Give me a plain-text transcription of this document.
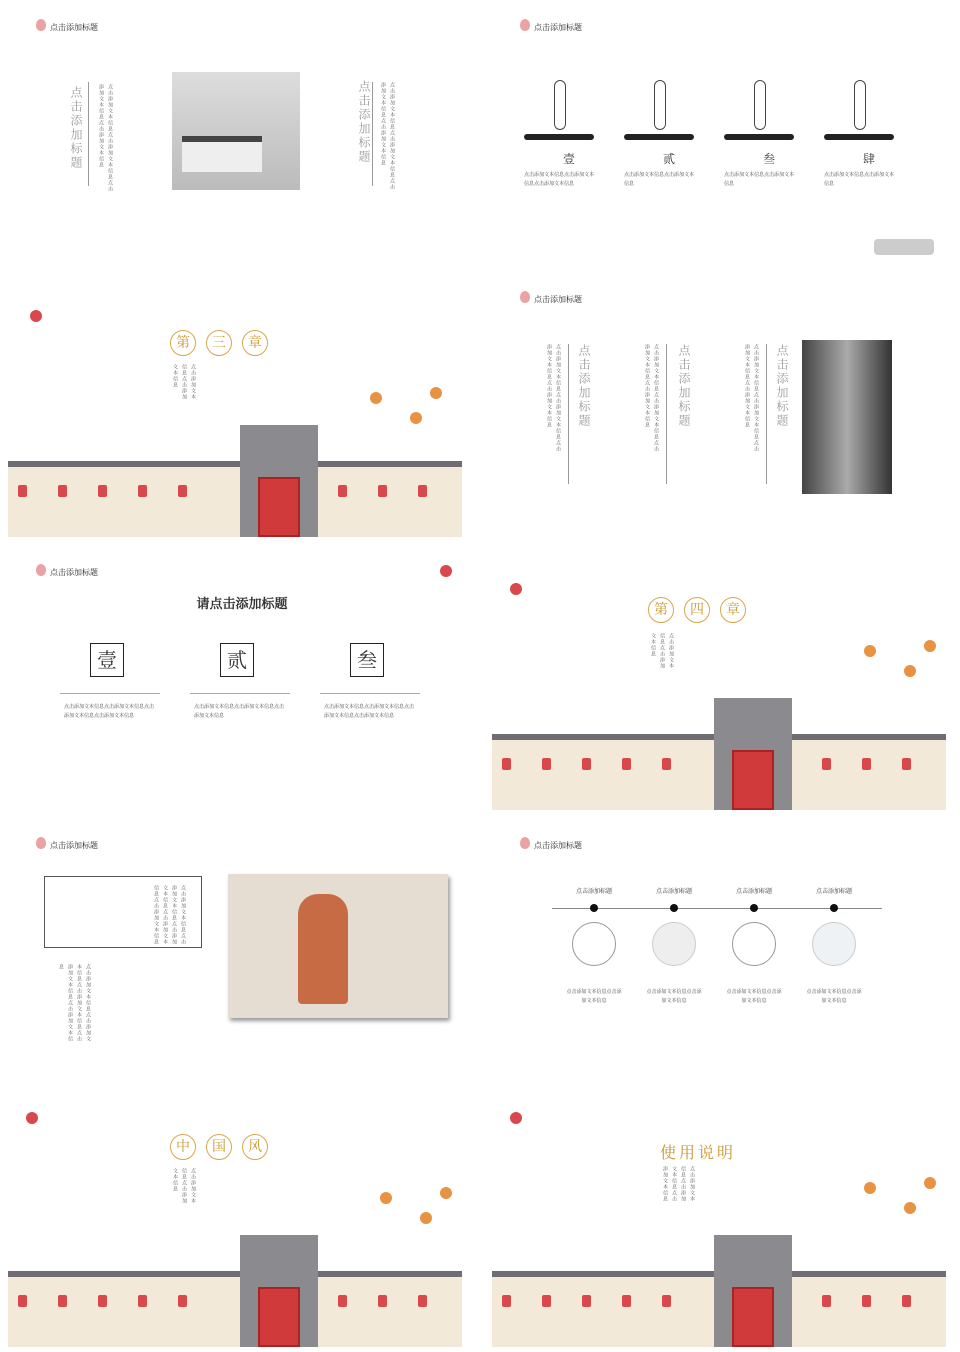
点击添加标题
点击添加标题	点击添加文本信息点击添加文本信息点击添加文本信息点击添加文本信息	点击添加标题	点击添加文本信息点击添加文本信息点击添加文本信息点击添加文本信息
点击添加标题
壹
点击添加文本信息点击添加文本信息点击添加文本信息
贰
点击添加文本信息点击添加文本信息
叁
点击添加文本信息点击添加文本信息
肆
点击添加文本信息点击添加文本信息
第 三 章
点击添加文本信息点击添加文本信息
点击添加标题
点击添加文本信息点击添加文本信息点击添加文本信息点击添加文本信息	点击添加标题	点击添加文本信息点击添加文本信息点击添加文本信息点击添加文本信息	点击添加标题	点击添加文本信息点击添加文本信息点击添加文本信息点击添加文本信息	点击添加标题
点击添加标题
请点击添加标题
壹	贰	叁
点击添加文本信息点击添加文本信息点击添加文本信息点击添加文本信息
点击添加文本信息点击添加文本信息点击添加文本信息
点击添加文本信息点击添加文本信息点击添加文本信息点击添加文本信息
第 四 章
点击添加文本信息点击添加文本信息
点击添加标题
点击添加文本信息点击添加文本信息点击添加文本信息点击添加文本信息点击添加文本信息
点击添加文本信息点击添加文本信息点击添加文本信息点击添加文本信息点击添加文本信息
点击添加标题
点击添加标题	点击添加标题	点击添加标题	点击添加标题
点击添加文本信息点击添加文本信息
点击添加文本信息点击添加文本信息
点击添加文本信息点击添加文本信息
点击添加文本信息点击添加文本信息
中 国 风
点击添加文本信息点击添加文本信息
使用说明
点击添加文本信息点击添加文本信息点击添加文本信息
